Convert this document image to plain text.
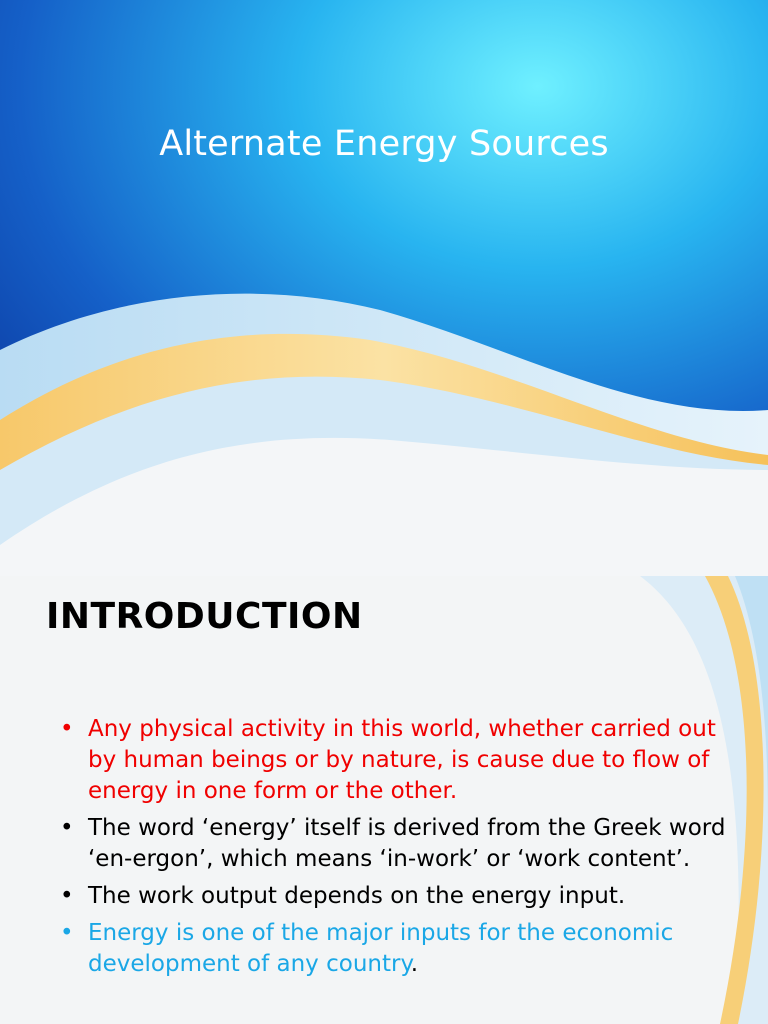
Alternate Energy Sources
INTRODUCTION
• Any physical activity in this world, whether carried out by human beings or by nature, is cause due to flow of energy in one form or the other.
• The word ‘energy’ itself is derived from the Greek word ‘en-ergon’, which means ‘in-work’ or ‘work content’.
• The work output depends on the energy input.
• Energy is one of the major inputs for the economic development of any country.
